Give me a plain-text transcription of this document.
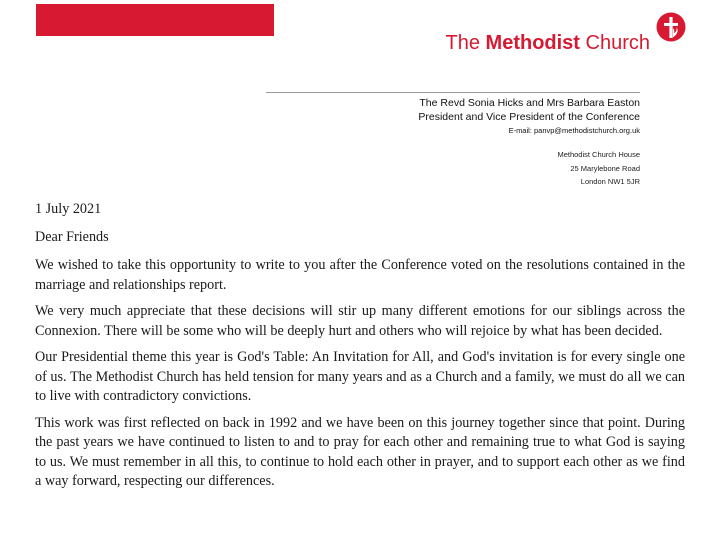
The Methodist Church
The Revd Sonia Hicks and Mrs Barbara Easton
President and Vice President of the Conference
E-mail: panvp@methodistchurch.org.uk
Methodist Church House
25 Marylebone Road
London NW1 5JR

1 July 2021

Dear Friends

We wished to take this opportunity to write to you after the Conference voted on the resolutions contained in the marriage and relationships report.

We very much appreciate that these decisions will stir up many different emotions for our siblings across the Connexion. There will be some who will be deeply hurt and others who will rejoice by what has been decided.

Our Presidential theme this year is God's Table: An Invitation for All, and God's invitation is for every single one of us. The Methodist Church has held tension for many years and as a Church and a family, we must do all we can to live with contradictory convictions.

This work was first reflected on back in 1992 and we have been on this journey together since that point. During the past years we have continued to listen to and to pray for each other and remaining true to what God is saying to us. We must remember in all this, to continue to hold each other in prayer, and to support each other as we find a way forward, respecting our differences.
